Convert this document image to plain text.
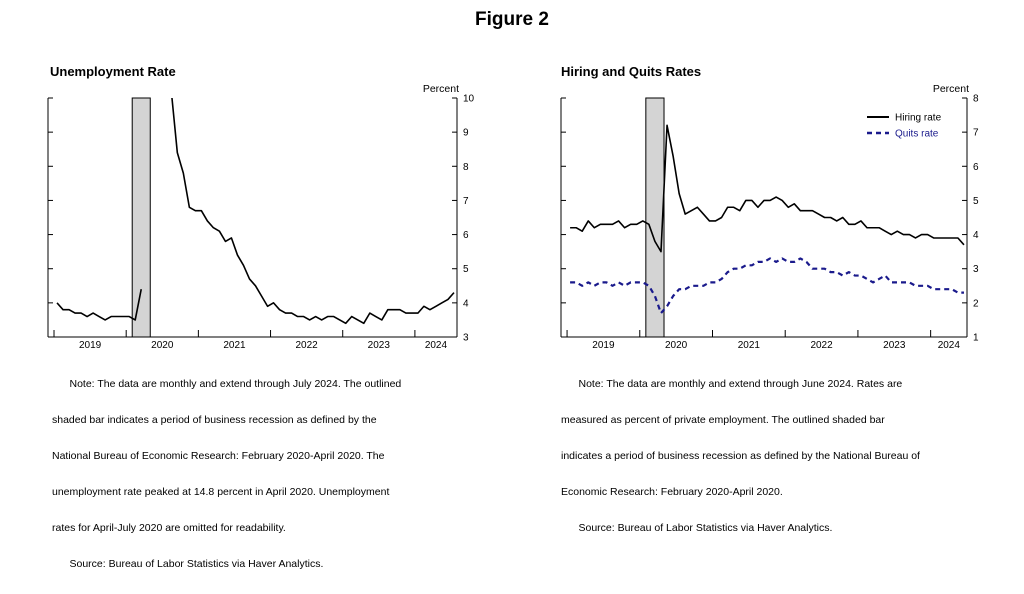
Figure 2
Unemployment Rate
3
4
5
6
7
8
9
10
Percent
2019	2020	2021	2022	2023	2024

Note: The data are monthly and extend through July 2024. The outlined

shaded bar indicates a period of business recession as defined by the

National Bureau of Economic Research: February 2020-April 2020. The

unemployment rate peaked at 14.8 percent in April 2020. Unemployment

rates for April-July 2020 are omitted for readability.

Source: Bureau of Labor Statistics via Haver Analytics.

Hiring and Quits Rates
1
2
3
4
5
6
7
8
Percent
2019	2020	2021	2022	2023	2024
Hiring rate
Quits rate

Note: The data are monthly and extend through June 2024. Rates are

measured as percent of private employment. The outlined shaded bar

indicates a period of business recession as defined by the National Bureau of

Economic Research: February 2020-April 2020.

Source: Bureau of Labor Statistics via Haver Analytics.
